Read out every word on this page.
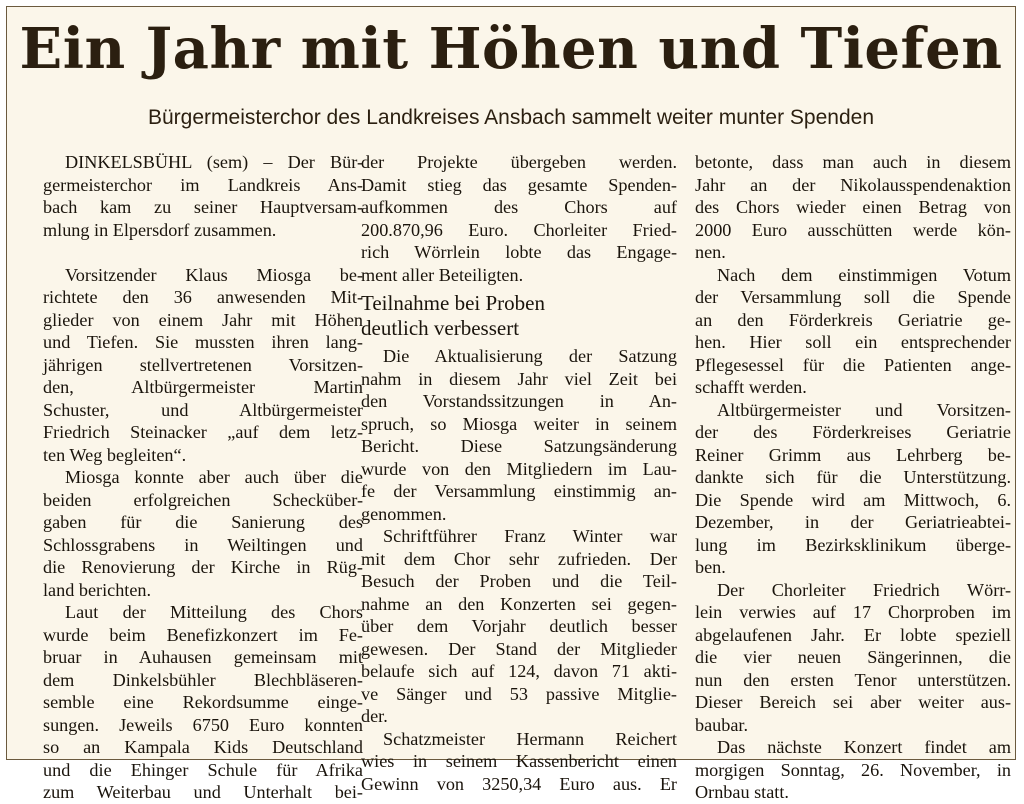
Ein Jahr mit Höhen und Tiefen
Bürgermeisterchor des Landkreises Ansbach sammelt weiter munter Spenden
DINKELSBÜHL (sem) – Der Bür-
germeisterchor im Landkreis Ans-
bach kam zu seiner Hauptversam-
mlung in Elpersdorf zusammen.
Vorsitzender Klaus Miosga be-
richtete den 36 anwesenden Mit-
glieder von einem Jahr mit Höhen
und Tiefen. Sie mussten ihren lang-
jährigen stellvertretenen Vorsitzen-
den, Altbürgermeister Martin
Schuster, und Altbürgermeister
Friedrich Steinacker „auf dem letz-
ten Weg begleiten“.
Miosga konnte aber auch über die
beiden erfolgreichen Schecküber-
gaben für die Sanierung des
Schlossgrabens in Weiltingen und
die Renovierung der Kirche in Rüg-
land berichten.
Laut der Mitteilung des Chors
wurde beim Benefizkonzert im Fe-
bruar in Auhausen gemeinsam mit
dem Dinkelsbühler Blechbläseren-
semble eine Rekordsumme einge-
sungen. Jeweils 6750 Euro konnten
so an Kampala Kids Deutschland
und die Ehinger Schule für Afrika
zum Weiterbau und Unterhalt bei-
der Projekte übergeben werden.
Damit stieg das gesamte Spenden-
aufkommen des Chors auf
200.870,96 Euro. Chorleiter Fried-
rich Wörrlein lobte das Engage-
ment aller Beteiligten.
Teilnahme bei Proben
deutlich verbessert
Die Aktualisierung der Satzung
nahm in diesem Jahr viel Zeit bei
den Vorstandssitzungen in An-
spruch, so Miosga weiter in seinem
Bericht. Diese Satzungsänderung
wurde von den Mitgliedern im Lau-
fe der Versammlung einstimmig an-
genommen.
Schriftführer Franz Winter war
mit dem Chor sehr zufrieden. Der
Besuch der Proben und die Teil-
nahme an den Konzerten sei gegen-
über dem Vorjahr deutlich besser
gewesen. Der Stand der Mitglieder
belaufe sich auf 124, davon 71 akti-
ve Sänger und 53 passive Mitglie-
der.
Schatzmeister Hermann Reichert
wies in seinem Kassenbericht einen
Gewinn von 3250,34 Euro aus. Er
betonte, dass man auch in diesem
Jahr an der Nikolausspendenaktion
des Chors wieder einen Betrag von
2000 Euro ausschütten werde kön-
nen.
Nach dem einstimmigen Votum
der Versammlung soll die Spende
an den Förderkreis Geriatrie ge-
hen. Hier soll ein entsprechender
Pflegesessel für die Patienten ange-
schafft werden.
Altbürgermeister und Vorsitzen-
der des Förderkreises Geriatrie
Reiner Grimm aus Lehrberg be-
dankte sich für die Unterstützung.
Die Spende wird am Mittwoch, 6.
Dezember, in der Geriatrieabtei-
lung im Bezirksklinikum überge-
ben.
Der Chorleiter Friedrich Wörr-
lein verwies auf 17 Chorproben im
abgelaufenen Jahr. Er lobte speziell
die vier neuen Sängerinnen, die
nun den ersten Tenor unterstützen.
Dieser Bereich sei aber weiter aus-
baubar.
Das nächste Konzert findet am
morgigen Sonntag, 26. November, in
Ornbau statt.
